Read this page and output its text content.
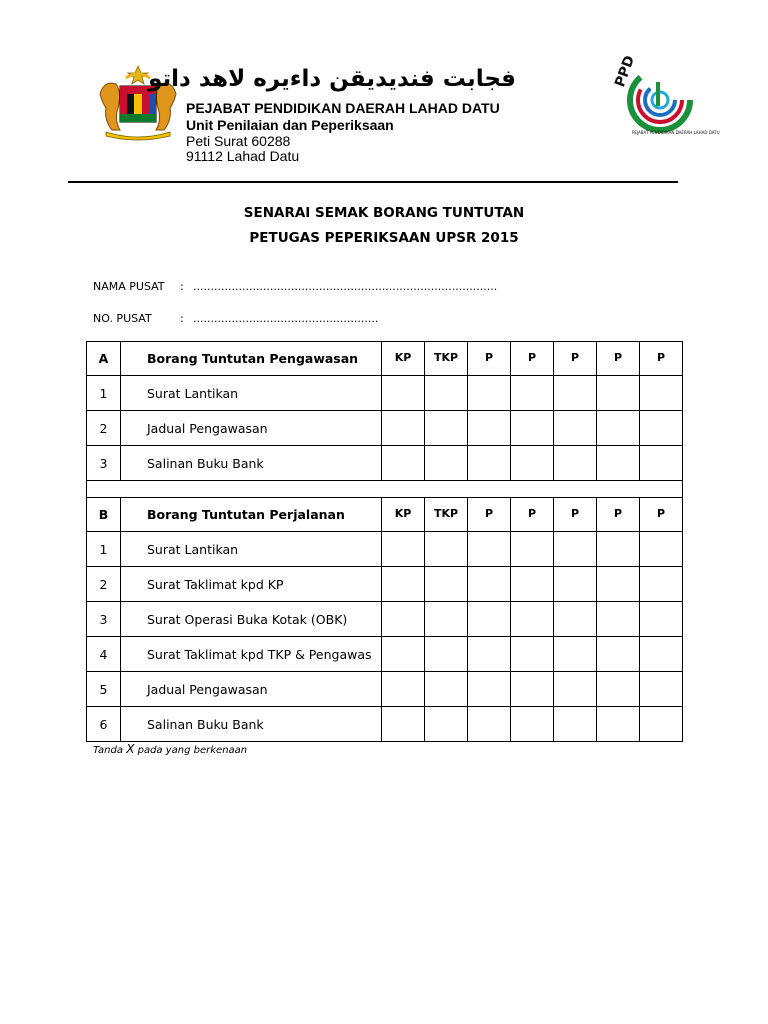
PPD
PEJABAT PENDIDIKAN DAERAH LAHAD DATU
فجابت فنديديقن داءيره لاهد داتو
PEJABAT PENDIDIKAN DAERAH LAHAD DATU
Unit Penilaian dan Peperiksaan
Peti Surat 60288
91112 Lahad Datu
SENARAI SEMAK BORANG TUNTUTAN
PETUGAS PEPERIKSAAN UPSR 2015
NAMA PUSAT : .......................................................................................
NO. PUSAT	: .....................................................
A	Borang Tuntutan Pengawasan	KP	TKP	P	P	P	P	P
1	Surat Lantikan							
2	Jadual Pengawasan							
3	Salinan Buku Bank							

B	Borang Tuntutan Perjalanan	KP	TKP	P	P	P	P	P
1	Surat Lantikan							
2	Surat Taklimat kpd KP							
3	Surat Operasi Buka Kotak (OBK)							
4	Surat Taklimat kpd TKP & Pengawas							
5	Jadual Pengawasan							
6	Salinan Buku Bank							
Tanda X pada yang berkenaan
